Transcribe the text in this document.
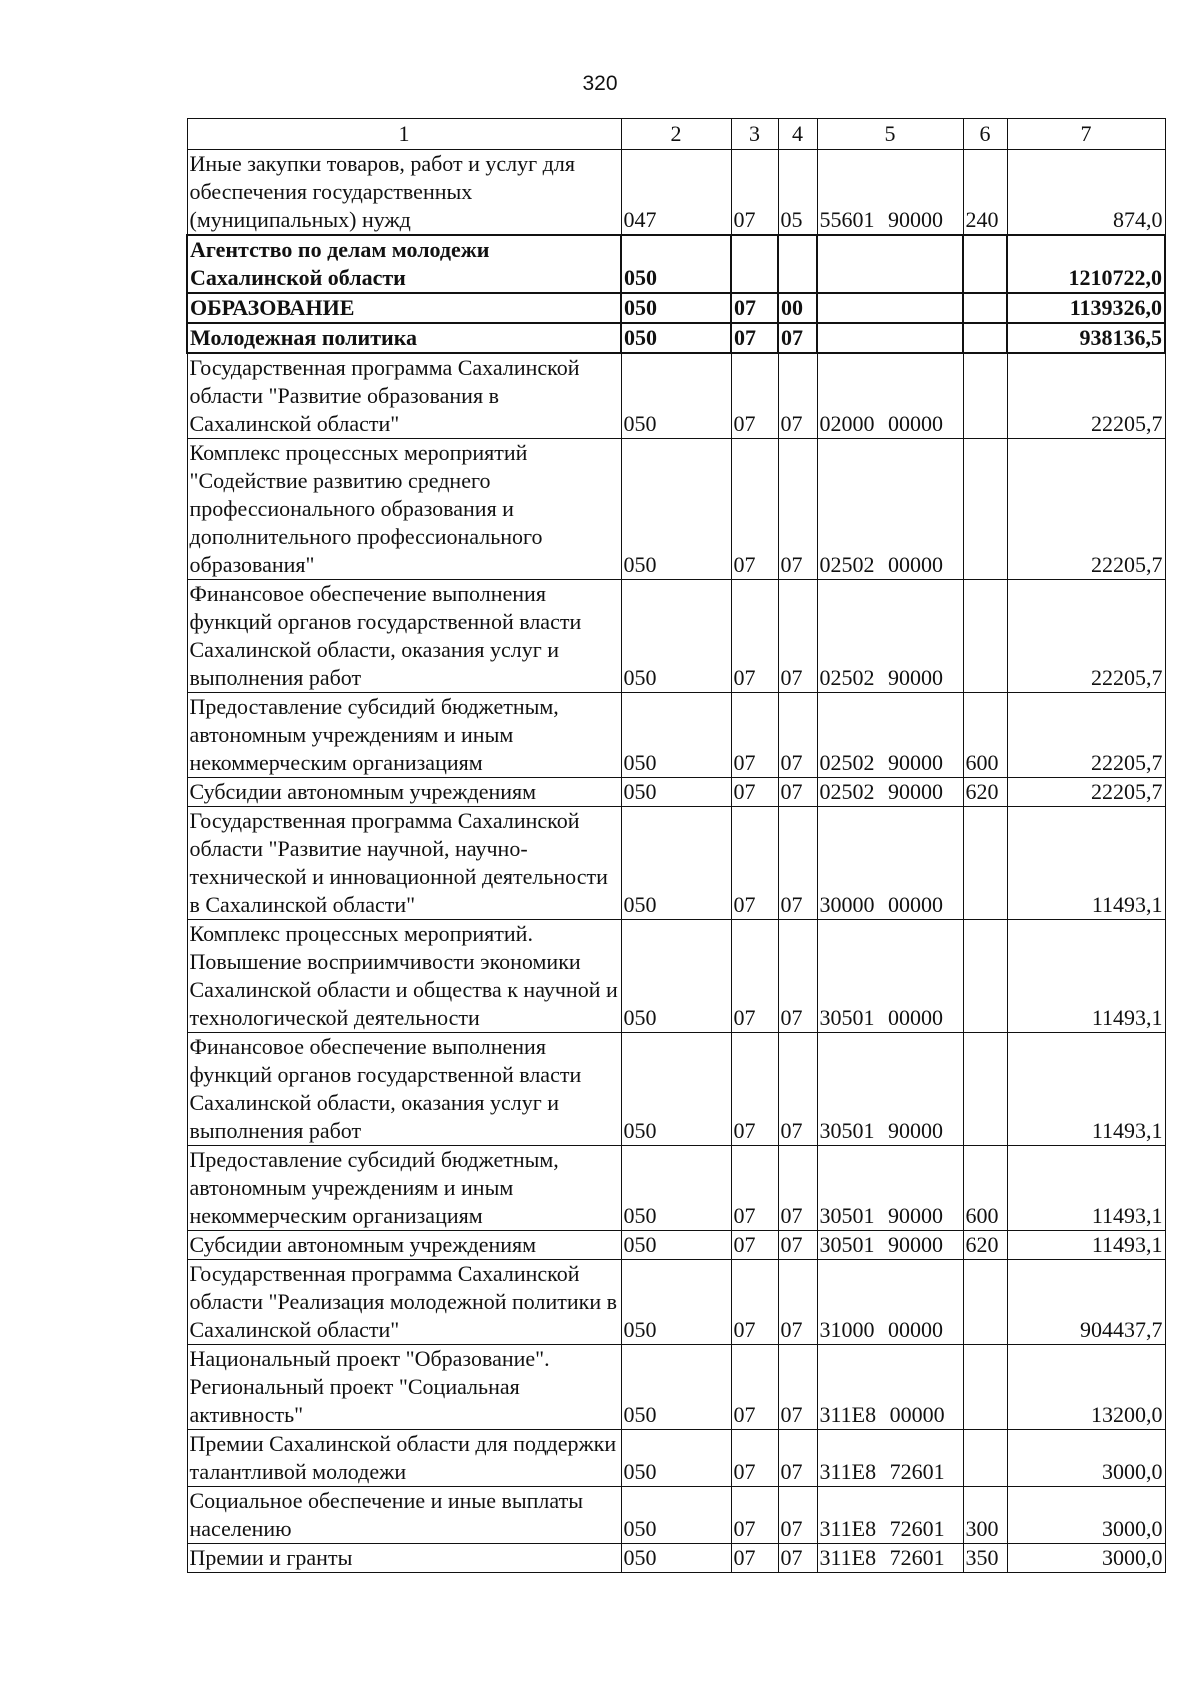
320
1	2	3	4	5	6	7
Иные закупки товаров, работ и услуг для обеспечения государственных (муниципальных) нужд	047	07	05	55601 90000	240	874,0
Агентство по делам молодежи Сахалинской области	050					1210722,0
ОБРАЗОВАНИЕ	050	07	00			1139326,0
Молодежная политика	050	07	07			938136,5
Государственная программа Сахалинской области "Развитие образования в Сахалинской области"	050	07	07	02000 00000		22205,7
Комплекс процессных мероприятий "Содействие развитию среднего профессионального образования и дополнительного профессионального образования"	050	07	07	02502 00000		22205,7
Финансовое обеспечение выполнения функций органов государственной власти Сахалинской области, оказания услуг и выполнения работ	050	07	07	02502 90000		22205,7
Предоставление субсидий бюджетным, автономным учреждениям и иным некоммерческим организациям	050	07	07	02502 90000	600	22205,7
Субсидии автономным учреждениям	050	07	07	02502 90000	620	22205,7
Государственная программа Сахалинской области "Развитие научной, научно-технической и инновационной деятельности в Сахалинской области"	050	07	07	30000 00000		11493,1
Комплекс процессных мероприятий. Повышение восприимчивости экономики Сахалинской области и общества к научной и технологической деятельности	050	07	07	30501 00000		11493,1
Финансовое обеспечение выполнения функций органов государственной власти Сахалинской области, оказания услуг и выполнения работ	050	07	07	30501 90000		11493,1
Предоставление субсидий бюджетным, автономным учреждениям и иным некоммерческим организациям	050	07	07	30501 90000	600	11493,1
Субсидии автономным учреждениям	050	07	07	30501 90000	620	11493,1
Государственная программа Сахалинской области "Реализация молодежной политики в Сахалинской области"	050	07	07	31000 00000		904437,7
Национальный проект "Образование". Региональный проект "Социальная активность"	050	07	07	311E8 00000		13200,0
Премии Сахалинской области для поддержки талантливой молодежи	050	07	07	311E8 72601		3000,0
Социальное обеспечение и иные выплаты населению	050	07	07	311E8 72601	300	3000,0
Премии и гранты	050	07	07	311E8 72601	350	3000,0
